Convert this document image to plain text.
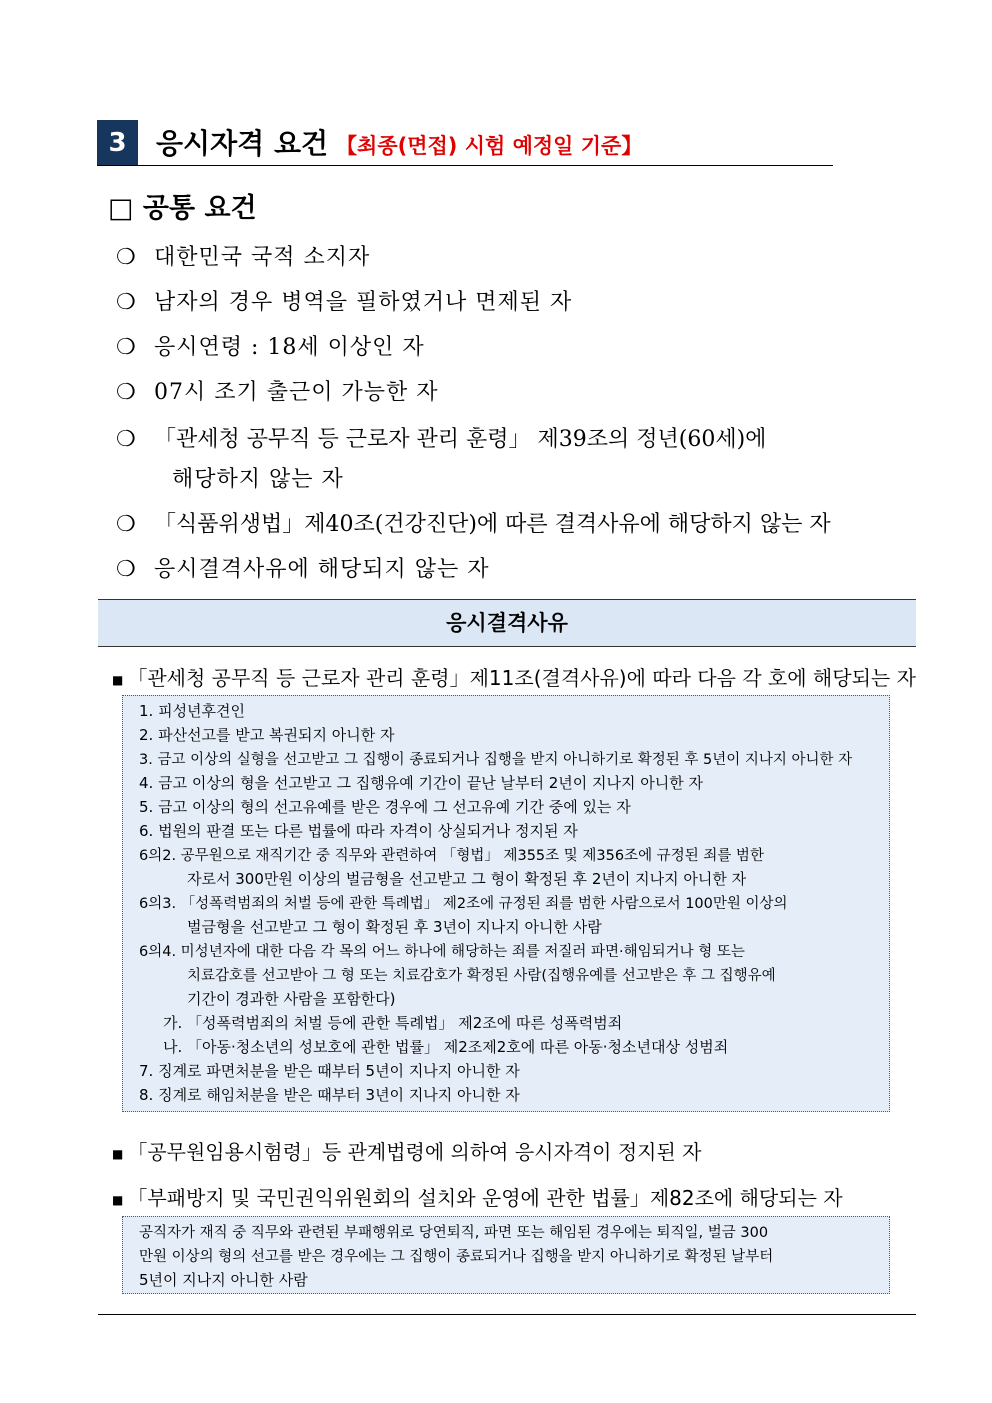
3	응시자격 요건 【최종(면접) 시험 예정일 기준】
□ 공통 요건
❍ 대한민국 국적 소지자
❍ 남자의 경우 병역을 필하였거나 면제된 자
❍ 응시연령 : 18세 이상인 자
❍ 07시 조기 출근이 가능한 자
❍ 「관세청 공무직 등 근로자 관리 훈령」 제39조의 정년(60세)에
해당하지 않는 자
❍ 「식품위생법」제40조(건강진단)에 따른 결격사유에 해당하지 않는 자
❍ 응시결격사유에 해당되지 않는 자
응시결격사유
■ 「관세청 공무직 등 근로자 관리 훈령」제11조(결격사유)에 따라 다음 각 호에 해당되는 자
1. 피성년후견인
2. 파산선고를 받고 복권되지 아니한 자
3. 금고 이상의 실형을 선고받고 그 집행이 종료되거나 집행을 받지 아니하기로 확정된 후 5년이 지나지 아니한 자
4. 금고 이상의 형을 선고받고 그 집행유예 기간이 끝난 날부터 2년이 지나지 아니한 자
5. 금고 이상의 형의 선고유예를 받은 경우에 그 선고유예 기간 중에 있는 자
6. 법원의 판결 또는 다른 법률에 따라 자격이 상실되거나 정지된 자
6의2. 공무원으로 재직기간 중 직무와 관련하여 「형법」 제355조 및 제356조에 규정된 죄를 범한
자로서 300만원 이상의 벌금형을 선고받고 그 형이 확정된 후 2년이 지나지 아니한 자
6의3. 「성폭력범죄의 처벌 등에 관한 특례법」 제2조에 규정된 죄를 범한 사람으로서 100만원 이상의
벌금형을 선고받고 그 형이 확정된 후 3년이 지나지 아니한 사람
6의4. 미성년자에 대한 다음 각 목의 어느 하나에 해당하는 죄를 저질러 파면·해임되거나 형 또는
치료감호를 선고받아 그 형 또는 치료감호가 확정된 사람(집행유예를 선고받은 후 그 집행유예
기간이 경과한 사람을 포함한다)
가. 「성폭력범죄의 처벌 등에 관한 특례법」 제2조에 따른 성폭력범죄
나. 「아동·청소년의 성보호에 관한 법률」 제2조제2호에 따른 아동·청소년대상 성범죄
7. 징계로 파면처분을 받은 때부터 5년이 지나지 아니한 자
8. 징계로 해임처분을 받은 때부터 3년이 지나지 아니한 자
■ 「공무원임용시험령」등 관계법령에 의하여 응시자격이 정지된 자
■ 「부패방지 및 국민권익위원회의 설치와 운영에 관한 법률」제82조에 해당되는 자
공직자가 재직 중 직무와 관련된 부패행위로 당연퇴직, 파면 또는 해임된 경우에는 퇴직일, 벌금 300
만원 이상의 형의 선고를 받은 경우에는 그 집행이 종료되거나 집행을 받지 아니하기로 확정된 날부터
5년이 지나지 아니한 사람
